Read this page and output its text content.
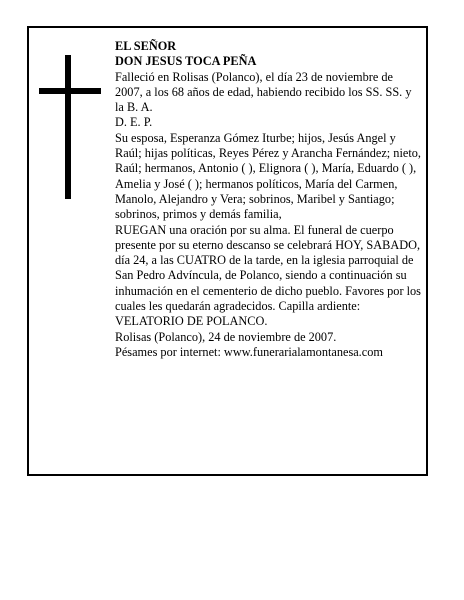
EL SEÑOR

DON JESUS TOCA PEÑA

Falleció en Rolisas (Polanco), el día 23 de noviembre de 2007, a los 68 años de edad, habiendo recibido los SS. SS. y la B. A.

D. E. P.

Su esposa, Esperanza Gómez Iturbe; hijos, Jesús Angel y Raúl; hijas políticas, Reyes Pérez y Arancha Fernández; nieto, Raúl; hermanos, Antonio ( ), Elignora ( ), María, Eduardo ( ), Amelia y José ( ); hermanos políticos, María del Carmen, Manolo, Alejandro y Vera; sobrinos, Maribel y Santiago; sobrinos, primos y demás familia,

RUEGAN una oración por su alma. El funeral de cuerpo presente por su eterno descanso se celebrará HOY, SABADO, día 24, a las CUATRO de la tarde, en la iglesia parroquial de San Pedro Advíncula, de Polanco, siendo a continuación su inhumación en el cementerio de dicho pueblo. Favores por los cuales les quedarán agradecidos. Capilla ardiente: VELATORIO DE POLANCO.

Rolisas (Polanco), 24 de noviembre de 2007.

Pésames por internet: www.funerarialamontanesa.com
